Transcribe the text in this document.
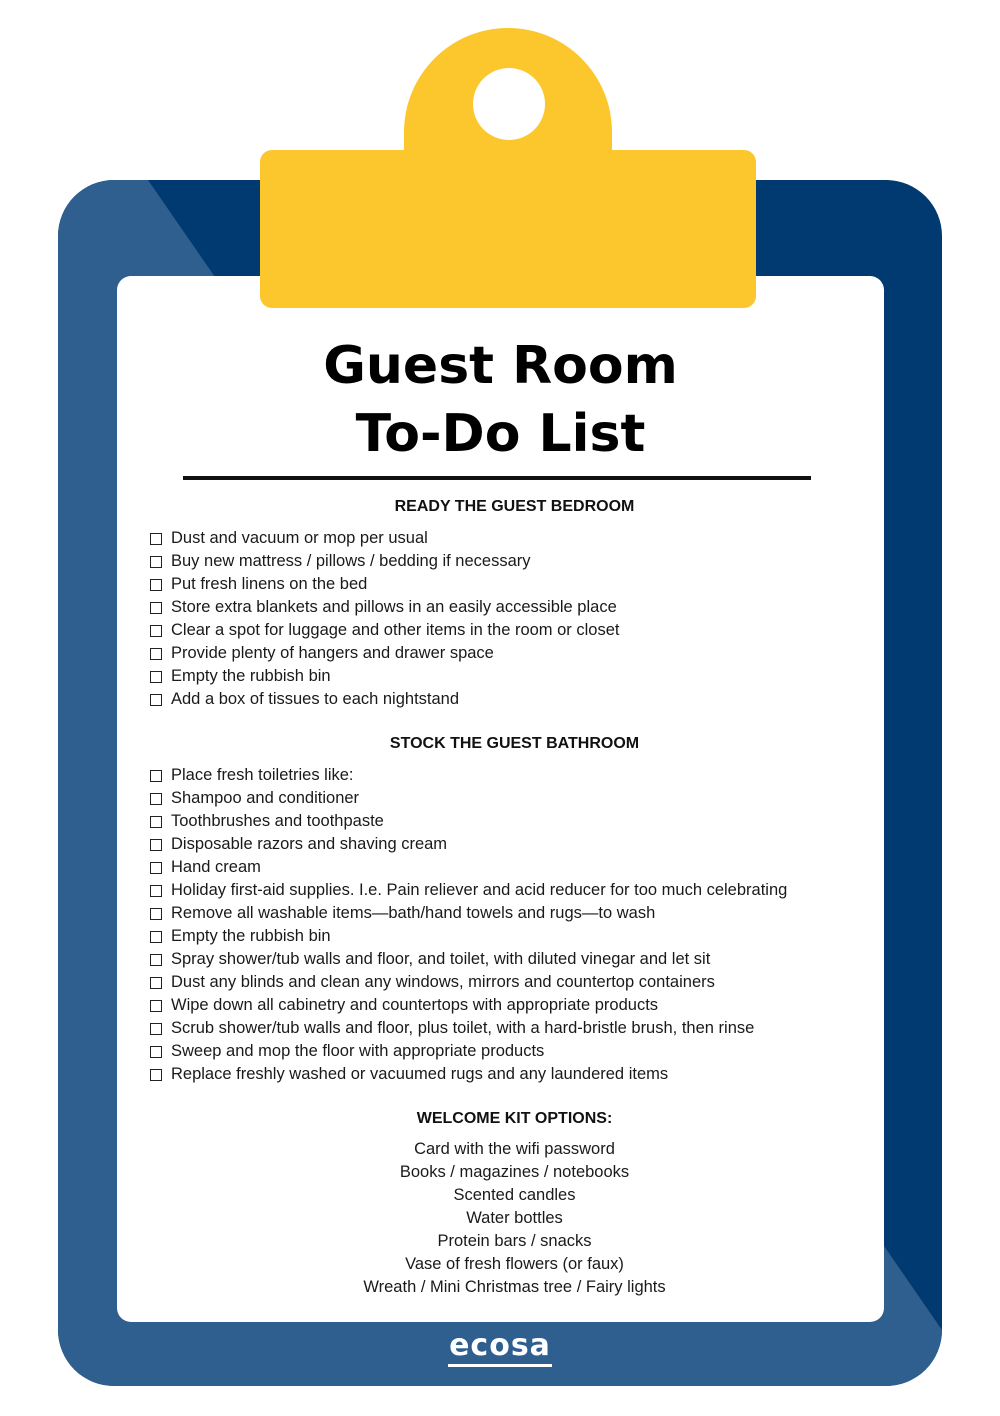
Guest Room
To-Do List
READY THE GUEST BEDROOM
Dust and vacuum or mop per usual
Buy new mattress / pillows / bedding if necessary
Put fresh linens on the bed
Store extra blankets and pillows in an easily accessible place
Clear a spot for luggage and other items in the room or closet
Provide plenty of hangers and drawer space
Empty the rubbish bin
Add a box of tissues to each nightstand
STOCK THE GUEST BATHROOM
Place fresh toiletries like:
Shampoo and conditioner
Toothbrushes and toothpaste
Disposable razors and shaving cream
Hand cream
Holiday first-aid supplies. I.e. Pain reliever and acid reducer for too much celebrating
Remove all washable items—bath/hand towels and rugs—to wash
Empty the rubbish bin
Spray shower/tub walls and floor, and toilet, with diluted vinegar and let sit
Dust any blinds and clean any windows, mirrors and countertop containers
Wipe down all cabinetry and countertops with appropriate products
Scrub shower/tub walls and floor, plus toilet, with a hard-bristle brush, then rinse
Sweep and mop the floor with appropriate products
Replace freshly washed or vacuumed rugs and any laundered items
WELCOME KIT OPTIONS:
Card with the wifi password
Books / magazines / notebooks
Scented candles
Water bottles
Protein bars / snacks
Vase of fresh flowers (or faux)
Wreath / Mini Christmas tree / Fairy lights
ecosa
